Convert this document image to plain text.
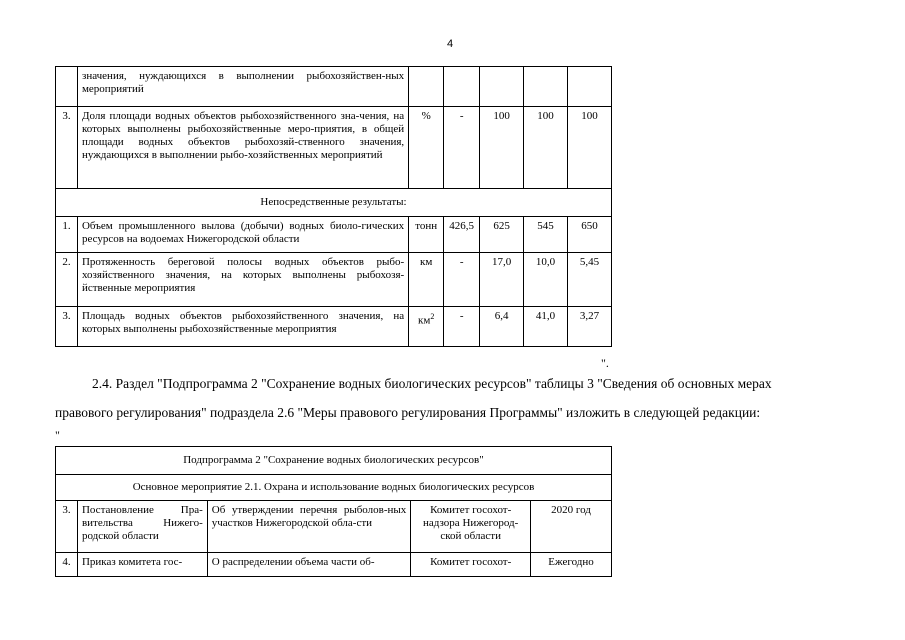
4
	значения, нуждающихся в выполнении рыбохозяйствен-ных мероприятий					
3.	Доля площади водных объектов рыбохозяйственного зна-чения, на которых выполнены рыбохозяйственные меро-приятия, в общей площади водных объектов рыбохозяй-ственного значения, нуждающихся в выполнении рыбо-хозяйственных мероприятий	%	-	100	100	100
Непосредственные результаты:						
1.	Объем промышленного вылова (добычи) водных биоло-гических ресурсов на водоемах Нижегородской области	тонн	426,5	625	545	650
2.	Протяженность береговой полосы водных объектов рыбо-хозяйственного значения, на которых выполнены рыбохозя-йственные мероприятия	км	-	17,0	10,0	5,45
3.	Площадь водных объектов рыбохозяйственного значения, на которых выполнены рыбохозяйственные мероприятия	$км^2$	-	6,4	41,0	3,27
".
2.4. Раздел "Подпрограмма 2 "Сохранение водных биологических ресурсов" таблицы 3 "Сведения об основных мерах
правового регулирования" подраздела 2.6 "Меры правового регулирования Программы" изложить в следующей редакции:
"
Подпрограмма 2 "Сохранение водных биологических ресурсов"				
Основное мероприятие 2.1. Охрана и использование водных биологических ресурсов				
3.	Постановление Пра-вительства Нижего-родской области	Об утверждении перечня рыболов-ных участков Нижегородской обла-сти	Комитет госохот-надзора Нижегород-ской области	2020 год
4.	Приказ комитета гос-	О распределении объема части об-	Комитет госохот-	Ежегодно
